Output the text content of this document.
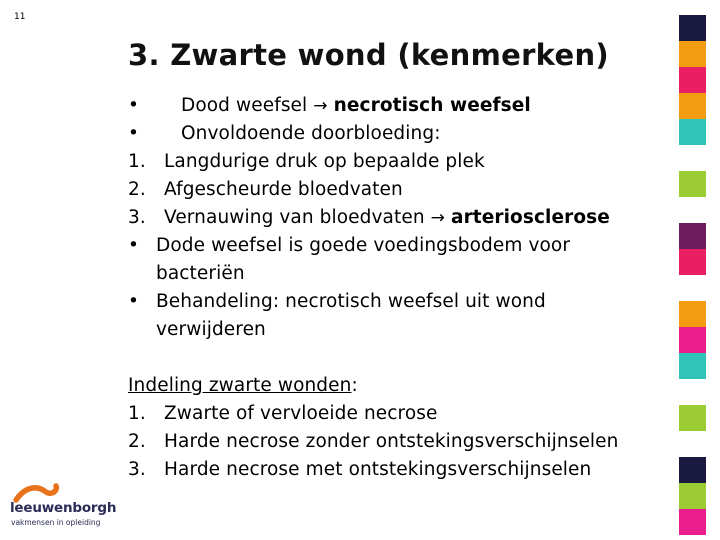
11
3. Zwarte wond (kenmerken)
•	Dood weefsel → necrotisch weefsel
•	Onvoldoende doorbloeding:
1. Langdurige druk op bepaalde plek
2. Afgescheurde bloedvaten
3. Vernauwing van bloedvaten → arteriosclerose
• Dode weefsel is goede voedingsbodem voor
bacteriën
• Behandeling: necrotisch weefsel uit wond
verwijderen
Indeling zwarte wonden:
1. Zwarte of vervloeide necrose
2. Harde necrose zonder ontstekingsverschijnselen
3. Harde necrose met ontstekingsverschijnselen
leeuwenborgh
vakmensen in opleiding
